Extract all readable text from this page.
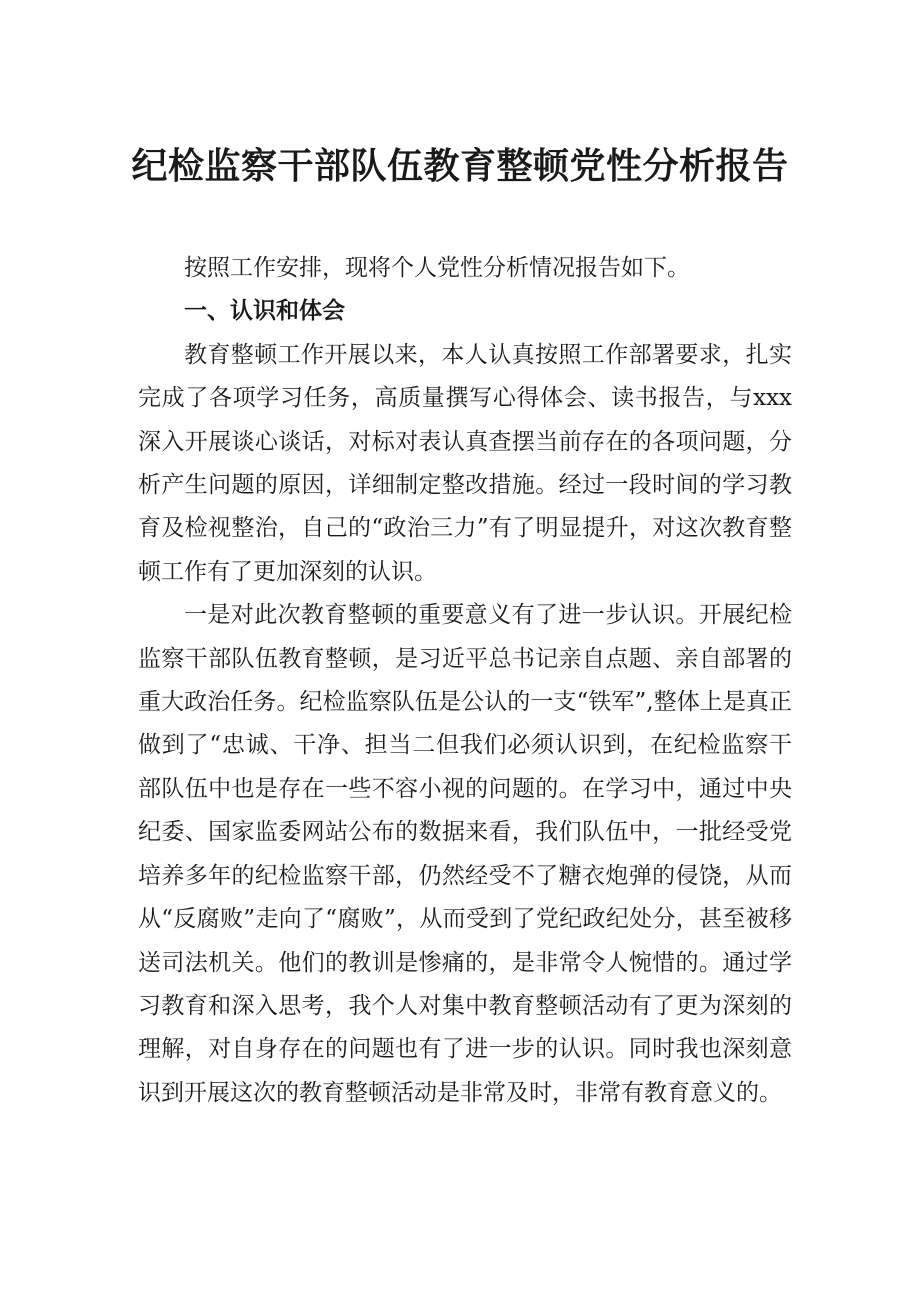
纪检监察干部队伍教育整顿党性分析报告

按照工作安排，现将个人党性分析情况报告如下。

一、认识和体会

教育整顿工作开展以来，本人认真按照工作部署要求，扎实完成了各项学习任务，高质量撰写心得体会、读书报告，与xxx深入开展谈心谈话，对标对表认真查摆当前存在的各项问题，分析产生问题的原因，详细制定整改措施。经过一段时间的学习教育及检视整治，自己的“政治三力”有了明显提升，对这次教育整顿工作有了更加深刻的认识。

一是对此次教育整顿的重要意义有了进一步认识。开展纪检监察干部队伍教育整顿，是习近平总书记亲自点题、亲自部署的重大政治任务。纪检监察队伍是公认的一支“铁军”,整体上是真正做到了“忠诚、干净、担当二但我们必须认识到，在纪检监察干部队伍中也是存在一些不容小视的问题的。在学习中，通过中央纪委、国家监委网站公布的数据来看，我们队伍中，一批经受党培养多年的纪检监察干部，仍然经受不了糖衣炮弹的侵饶，从而从“反腐败”走向了“腐败”，从而受到了党纪政纪处分，甚至被移送司法机关。他们的教训是惨痛的，是非常令人惋惜的。通过学习教育和深入思考，我个人对集中教育整顿活动有了更为深刻的理解，对自身存在的问题也有了进一步的认识。同时我也深刻意识到开展这次的教育整顿活动是非常及时，非常有教育意义的。
